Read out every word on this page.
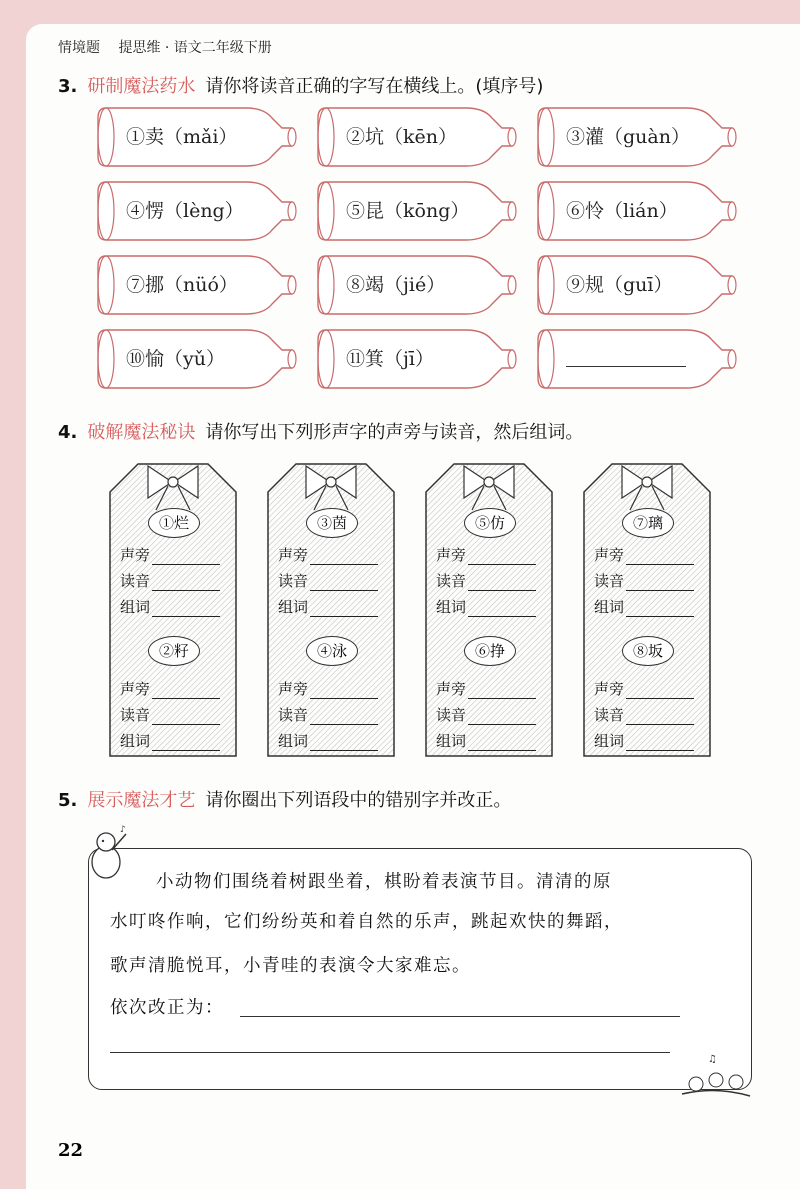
情境题 提思维 · 语文二年级下册
3. 研制魔法药水 请你将读音正确的字写在横线上。(填序号)
①卖（mǎi）	②坑（kēn）	③灌（guàn）
④愣（lèng）	⑤昆（kōng）	⑥怜（lián）
⑦挪（nüó）	⑧竭（jié）	⑨规（guī）
⑩愉（yǔ）	⑪箕（jī）
4. 破解魔法秘诀 请你写出下列形声字的声旁与读音，然后组词。
①烂
声旁
读音
组词
②籽
声旁
读音
组词
③茵
声旁
读音
组词
④泳
声旁
读音
组词
⑤仿
声旁
读音
组词
⑥挣
声旁
读音
组词
⑦璃
声旁
读音
组词
⑧坂
声旁
读音
组词
5. 展示魔法才艺 请你圈出下列语段中的错别字并改正。
♪
小动物们围绕着树跟坐着，棋盼着表演节目。清清的原
水叮咚作响，它们纷纷英和着自然的乐声，跳起欢快的舞蹈，
歌声清脆悦耳，小青哇的表演令大家难忘。
依次改正为：
♫
22
